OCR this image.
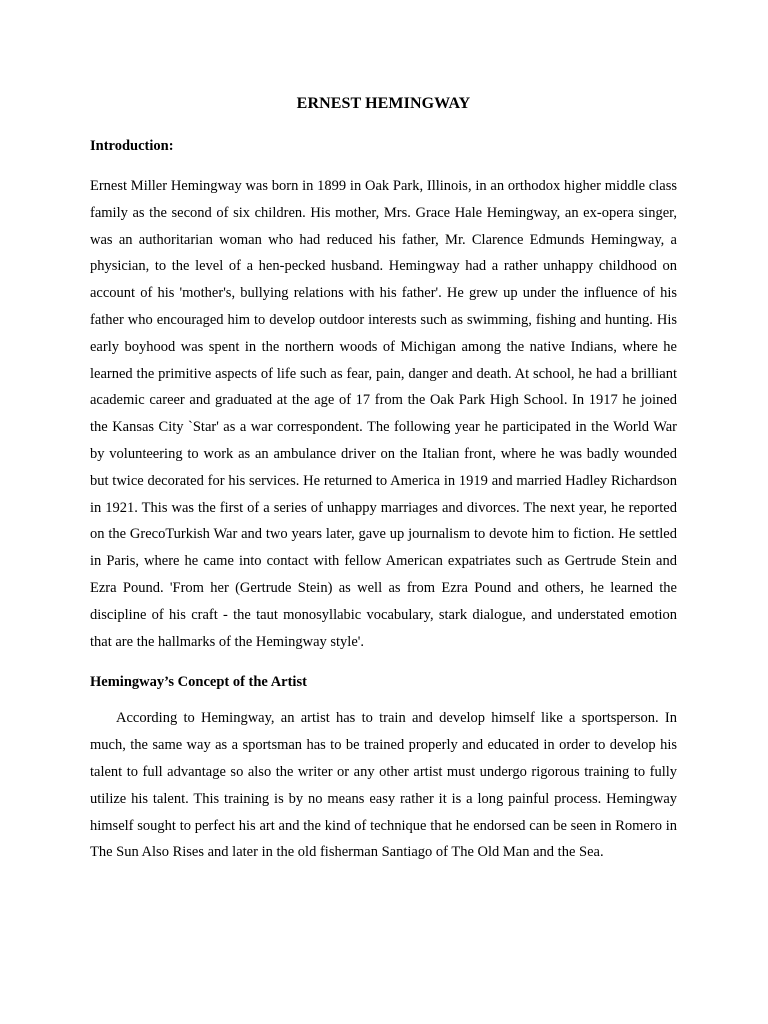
ERNEST HEMINGWAY
Introduction:

Ernest Miller Hemingway was born in 1899 in Oak Park, Illinois, in an orthodox higher middle class family as the second of six children. His mother, Mrs. Grace Hale Hemingway, an ex-opera singer, was an authoritarian woman who had reduced his father, Mr. Clarence Edmunds Hemingway, a physician, to the level of a hen-pecked husband. Hemingway had a rather unhappy childhood on account of his 'mother's, bullying relations with his father'. He grew up under the influence of his father who encouraged him to develop outdoor interests such as swimming, fishing and hunting. His early boyhood was spent in the northern woods of Michigan among the native Indians, where he learned the primitive aspects of life such as fear, pain, danger and death. At school, he had a brilliant academic career and graduated at the age of 17 from the Oak Park High School. In 1917 he joined the Kansas City `Star' as a war correspondent. The following year he participated in the World War by volunteering to work as an ambulance driver on the Italian front, where he was badly wounded but twice decorated for his services. He returned to America in 1919 and married Hadley Richardson in 1921. This was the first of a series of unhappy marriages and divorces. The next year, he reported on the GrecoTurkish War and two years later, gave up journalism to devote him to fiction. He settled in Paris, where he came into contact with fellow American expatriates such as Gertrude Stein and Ezra Pound. 'From her (Gertrude Stein) as well as from Ezra Pound and others, he learned the discipline of his craft - the taut monosyllabic vocabulary, stark dialogue, and understated emotion that are the hallmarks of the Hemingway style'.

Hemingway’s Concept of the Artist

According to Hemingway, an artist has to train and develop himself like a sportsperson. In much, the same way as a sportsman has to be trained properly and educated in order to develop his talent to full advantage so also the writer or any other artist must undergo rigorous training to fully utilize his talent. This training is by no means easy rather it is a long painful process. Hemingway himself sought to perfect his art and the kind of technique that he endorsed can be seen in Romero in The Sun Also Rises and later in the old fisherman Santiago of The Old Man and the Sea.
